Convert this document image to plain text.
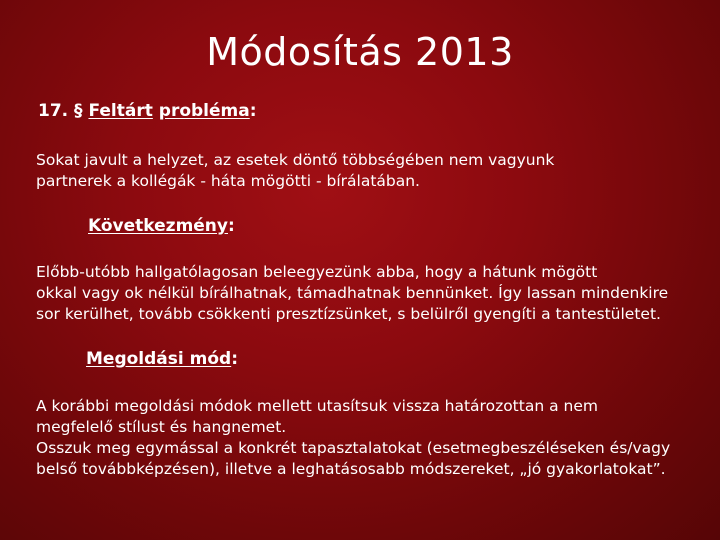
Módosítás 2013
17. § Feltárt probléma:
Sokat javult a helyzet, az esetek döntő többségében nem vagyunk
partnerek a kollégák - háta mögötti - bírálatában.
Következmény:
Előbb-utóbb hallgatólagosan beleegyezünk abba, hogy a hátunk mögött
okkal vagy ok nélkül bírálhatnak, támadhatnak bennünket. Így lassan mindenkire
sor kerülhet, tovább csökkenti presztízsünket, s belülről gyengíti a tantestületet.
Megoldási mód:
A korábbi megoldási módok mellett utasítsuk vissza határozottan a nem
megfelelő stílust és hangnemet.
Osszuk meg egymással a konkrét tapasztalatokat (esetmegbeszéléseken és/vagy
belső továbbképzésen), illetve a leghatásosabb módszereket, „jó gyakorlatokat”.
